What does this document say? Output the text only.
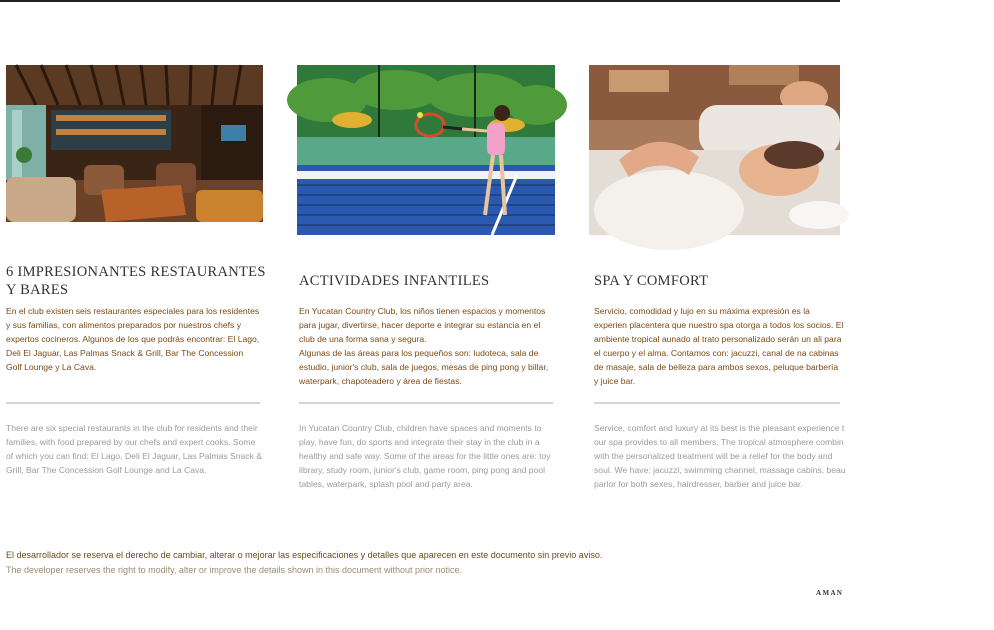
6 IMPRESIONANTES RESTAURANTES
Y BARES

En el club existen seis restaurantes especiales para los residentes y sus familias, con alimentos preparados por nuestros chefs y expertos cocineros. Algunos de los que podrás encontrar: El Lago, Deli El Jaguar, Las Palmas Snack & Grill, Bar The Concession Golf Lounge y La Cava.

There are six special restaurants in the club for residents and their families, with food prepared by our chefs and expert cooks. Some of which you can find: El Lago, Deli El Jaguar, Las Palmas Snack & Grill, Bar The Concession Golf Lounge and La Cava.

ACTIVIDADES INFANTILES
En Yucatan Country Club, los niños tienen espacios y momentos para jugar, divertirse, hacer deporte e integrar su estancia en el club de una forma sana y segura.
Algunas de las áreas para los pequeños son: ludoteca, sala de estudio, junior's club, sala de juegos, mesas de ping pong y billar, waterpark, chapoteadero y área de fiestas.

In Yucatan Country Club, children have spaces and moments to play, have fun, do sports and integrate their stay in the club in a healthy and safe way. Some of the areas for the little ones are: toy library, study room, junior's club, game room, ping pong and pool tables, waterpark, splash pool and party area.

SPA Y COMFORT

Servicio, comodidad y lujo en su máxima expresión es la experien placentera que nuestro spa otorga a todos los socios. El ambiente tropical aunado al trato personalizado serán un ali para el cuerpo y el alma. Contamos con: jacuzzi, canal de na cabinas de masaje, sala de belleza para ambos sexos, peluque barbería y juice bar.

Service, comfort and luxury at its best is the pleasant experience t our spa provides to all members. The tropical atmosphere combin with the personalized treatment will be a relief for the body and soul. We have: jacuzzi, swimming channel, massage cabins, beau parlor for both sexes, hairdresser, barber and juice bar.

El desarrollador se reserva el derecho de cambiar, alterar o mejorar las especificaciones y detalles que aparecen en este documento sin previo aviso.

The developer reserves the right to modify, alter or improve the details shown in this document without prior notice.

AMAN
